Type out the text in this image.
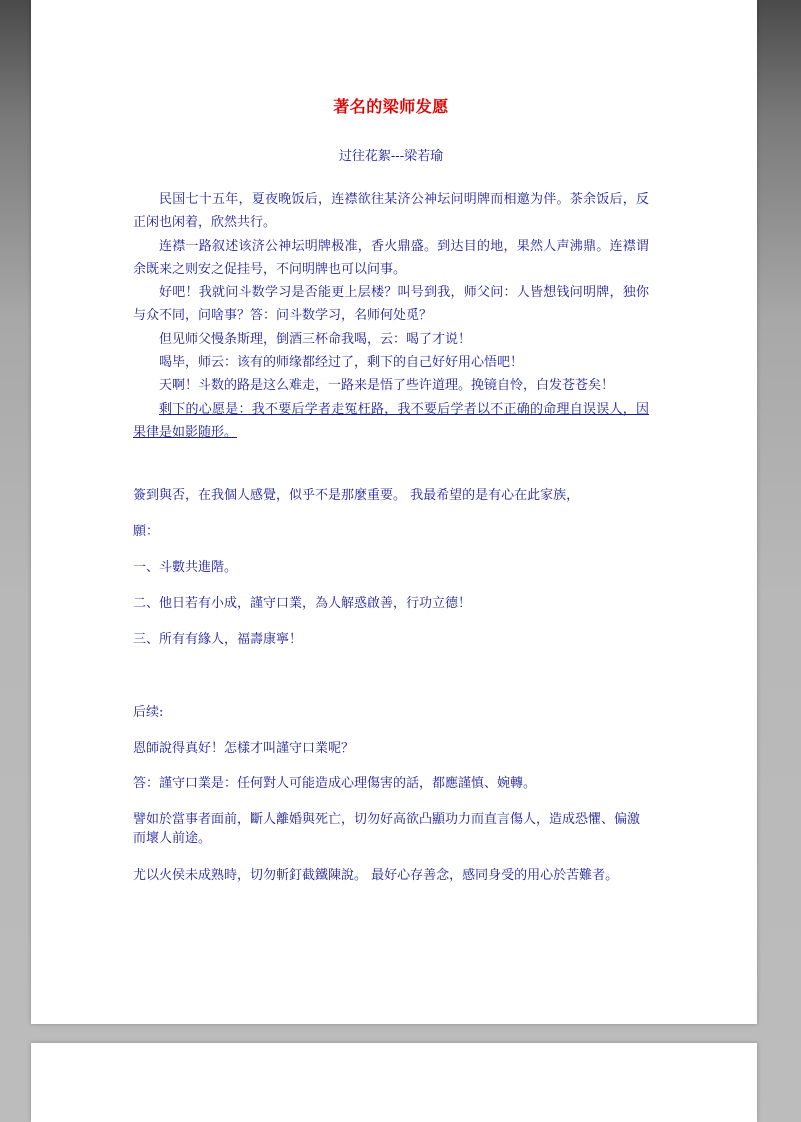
著名的梁师发愿
过往花絮---梁若瑜

民国七十五年，夏夜晚饭后，连襟欲往某济公神坛问明牌而相邀为伴。茶余饭后，反正闲也闲着，欣然共行。

连襟一路叙述该济公神坛明牌极准，香火鼎盛。到达目的地，果然人声沸鼎。连襟谓余既来之则安之促挂号，不问明牌也可以问事。

好吧！我就问斗数学习是否能更上层楼？叫号到我，师父问：人皆想钱问明牌，独你与众不同，问啥事？答：问斗数学习，名师何处觅？

但见师父慢条斯理，倒酒三杯命我喝，云：喝了才说！

喝毕，师云：该有的师缘都经过了，剩下的自己好好用心悟吧！

天啊！斗数的路是这么难走，一路来是悟了些许道理。挽镜自怜，白发苍苍矣！

剩下的心愿是：我不要后学者走冤枉路，我不要后学者以不正确的命理自误误人，因果律是如影随形。

簽到與否，在我個人感覺，似乎不是那麼重要。 我最希望的是有心在此家族，
願：
一、斗數共進階。
二、他日若有小成，謹守口業，為人解惑啟善，行功立德！
三、所有有緣人，福壽康寧！
后续:
恩師說得真好！怎樣才叫謹守口業呢？
答：謹守口業是：任何對人可能造成心理傷害的話，都應謹慎、婉轉。
譬如於當事者面前，斷人離婚與死亡，切勿好高欲凸顯功力而直言傷人，造成恐懼、偏激而壞人前途。
尤以火侯未成熟時，切勿斬釘截鐵陳說。 最好心存善念，感同身受的用心於苦難者。
